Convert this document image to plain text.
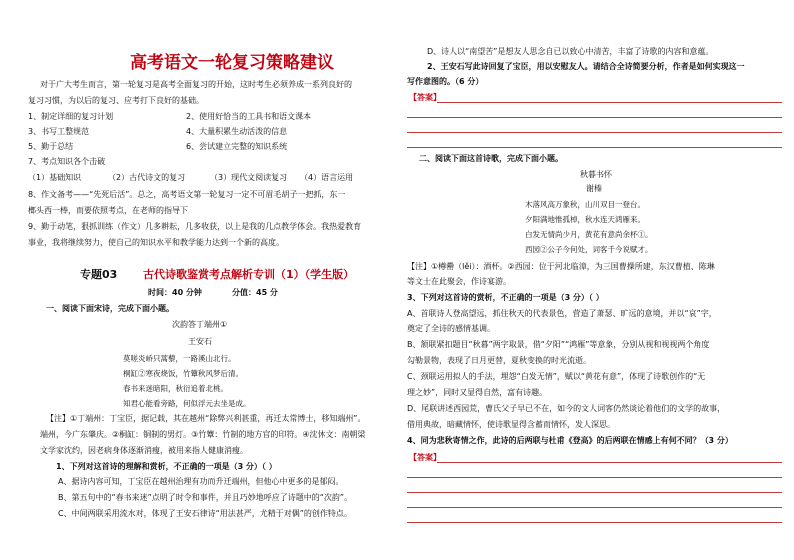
高考语文一轮复习策略建议
对于广大考生而言，第一轮复习是高考全面复习的开始，这时考生必须养成一系列良好的
复习习惯，为以后的复习、应考打下良好的基础。
1、制定详细的复习计划	2、使用好恰当的工具书和语文课本
3、书写工整规范	4、大量积累生动活泼的信息
5、勤于总结	6、尝试建立完整的知识系统
7、考点知识各个击破
（1）基础知识	（2）古代诗文的复习	（3）现代文阅读复习 （4）语言运用
8、作文备考——“先死后活”。总之，高考语文第一轮复习一定不可眉毛胡子一把抓，东一
榔头西一棒，而要依照考点，在老师的指导下
9、勤于动笔，狠抓训练（作文）几多耕耘，几多收获，以上是我的几点教学体会。我热爱教育
事业，我将继续努力，使自己的知识水平和教学能力达到一个新的高度。
专题03 古代诗歌鉴赏考点解析专训（1）（学生版）
时间：40 分钟	分值：45 分
一、阅读下面宋诗，完成下面小题。
次韵答丁端州①
王安石
莫嗟炎峤只蒿藜，一路溪山北行。
桐缸②寒夜烧饭，竹簟秋风梦后清。
春书来迷暗阳，秋衍追着北桃。
知君心能看旁路，何似浮元去坐是成。
【注】①丁端州：丁宝臣，据记载，其在越州“除弊兴利甚重，再迁太常博士，移知端州”。
端州，今广东肇庆。②桐缸：铜制的男灯。③竹簟：竹制的地方官的印符。④沈休文：南朝梁
文学家沈约，因老病身体逐渐消瘦，被用来指人健康消瘦。
1、下列对这首诗的理解和赏析，不正确的一项是（3 分）（ ）
A、据诗内容可知，丁宝臣在越州治理有功而升迁端州，但他心中更多的是郁闷。
B、第五句中的“春书来迷”点明了时令和事件，并且巧妙地呼应了诗题中的“次韵”。
C、中间两联采用流水对，体现了王安石律诗“用法甚严，尤精于对偶”的创作特点。
D、诗人以“南望苦”是想友人思念自已以致心中清苦，丰富了诗歌的内容和意蕴。
2、王安石写此诗回复了宝臣，用以安慰友人。请结合全诗简要分析，作者是如何实现这一
写作意图的。（6 分）
【答案】
二、阅读下面这首诗歌，完成下面小题。
秋暮书怀
谢榛
木落风高万象秋，山川双目一登台。
夕阳满地惟孤棹，秋水连天鸿雁来。
白发无情尚少月，黄花有意尚余杯①。
西园②公子今何处，词客千今说赋才。
【注】①樽罍（lěi）：酒杯。②西园：位于河北临漳，为三国曹操所建，东汉曹植、陈琳
等文士在此聚会，作诗宴游。
3、下列对这首诗的赏析，不正确的一项是（3 分）（ ）
A、首联诗人登高望远，抓住秋天的代表景色，营造了萧瑟、旷远的意境，并以“哀”字，
奠定了全诗的感情基调。
B、颔联紧扣题目“秋暮”两字取景，借“夕阳”“鸿雁”等意象，分别从视和视视两个角度
勾勒景物，表现了日月更替，夏秋变换的时光流逝。
C、颈联运用拟人的手法，埋怨“白发无情”，赋以“黄花有意”，体现了诗歌创作的“无
理之妙”，同时又显得自然，富有诗趣。
D、尾联讲述西园荒，曹氏父子早已不在，如今的文人词客仍然谈论着他们的文学的故事，
借用典故，暗藏情怀，使诗歌显得含蓄而情怀，发人深思。
4、同为悲秋寄情之作，此诗的后两联与杜甫《登高》的后两联在情感上有何不同？（3 分）
【答案】
